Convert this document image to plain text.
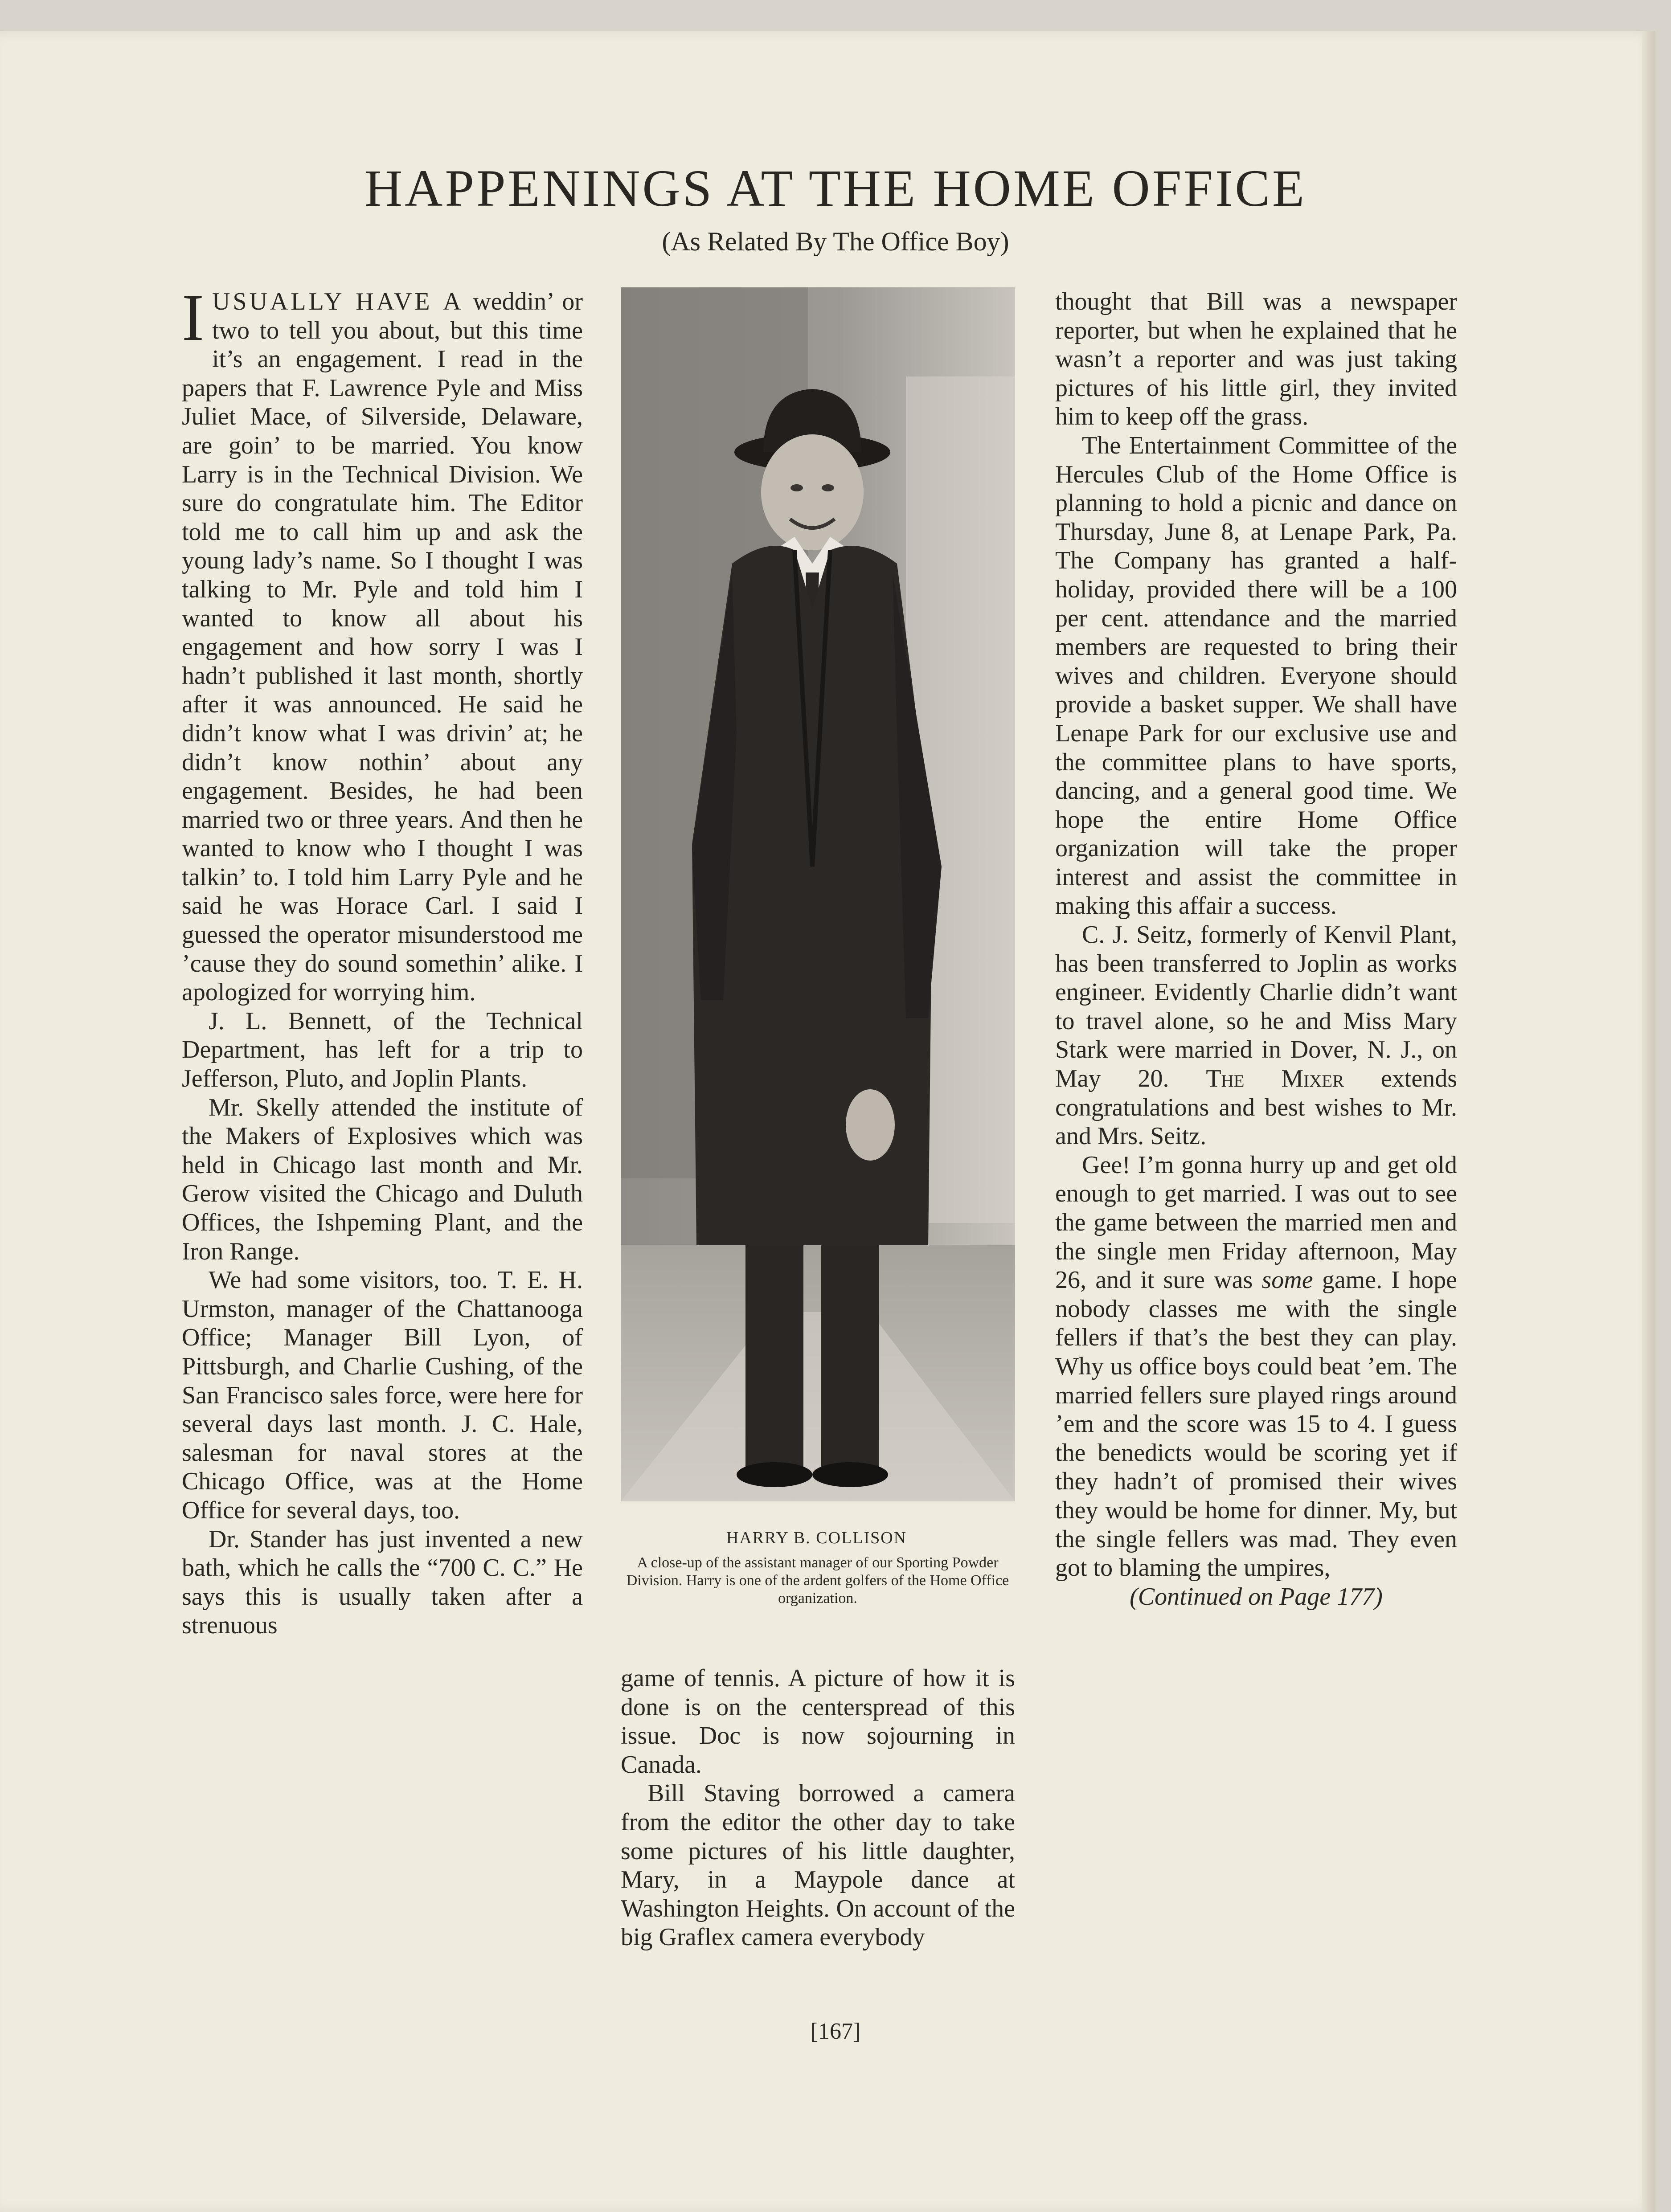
HAPPENINGS AT THE HOME OFFICE
(As Related By The Office Boy)

IUSUALLY HAVE A weddin’ or two to tell you about, but this time it’s an engagement. I read in the papers that F. Lawrence Pyle and Miss Juliet Mace, of Silverside, Delaware, are goin’ to be married. You know Larry is in the Technical Division. We sure do congratulate him. The Editor told me to call him up and ask the young lady’s name. So I thought I was talking to Mr. Pyle and told him I wanted to know all about his engagement and how sorry I was I hadn’t published it last month, shortly after it was announced. He said he didn’t know what I was drivin’ at; he didn’t know nothin’ about any engagement. Besides, he had been married two or three years. And then he wanted to know who I thought I was talkin’ to. I told him Larry Pyle and he said he was Horace Carl. I said I guessed the operator misunderstood me ’cause they do sound somethin’ alike. I apologized for worrying him.

J. L. Bennett, of the Technical Department, has left for a trip to Jefferson, Pluto, and Joplin Plants.

Mr. Skelly attended the institute of the Makers of Explosives which was held in Chicago last month and Mr. Gerow visited the Chicago and Duluth Offices, the Ishpeming Plant, and the Iron Range.

We had some visitors, too. T. E. H. Urmston, manager of the Chattanooga Office; Manager Bill Lyon, of Pittsburgh, and Charlie Cushing, of the San Francisco sales force, were here for several days last month. J. C. Hale, salesman for naval stores at the Chicago Office, was at the Home Office for several days, too.

Dr. Stander has just invented a new bath, which he calls the “700 C. C.” He says this is usually taken after a strenuous

HARRY B. COLLISON
A close-up of the assistant manager of our Sporting Powder Division. Harry is one of the ardent golfers of the Home Office organization.

game of tennis. A picture of how it is done is on the centerspread of this issue. Doc is now sojourning in Canada.

Bill Staving borrowed a camera from the editor the other day to take some pictures of his little daughter, Mary, in a Maypole dance at Washington Heights. On account of the big Graflex camera everybody

thought that Bill was a newspaper reporter, but when he explained that he wasn’t a reporter and was just taking pictures of his little girl, they invited him to keep off the grass.

The Entertainment Committee of the Hercules Club of the Home Office is planning to hold a picnic and dance on Thursday, June 8, at Lenape Park, Pa. The Company has granted a half-holiday, provided there will be a 100 per cent. attendance and the married members are requested to bring their wives and children. Everyone should provide a basket supper. We shall have Lenape Park for our exclusive use and the committee plans to have sports, dancing, and a general good time. We hope the entire Home Office organization will take the proper interest and assist the committee in making this affair a success.

C. J. Seitz, formerly of Kenvil Plant, has been transferred to Joplin as works engineer. Evidently Charlie didn’t want to travel alone, so he and Miss Mary Stark were married in Dover, N. J., on May 20. The Mixer extends congratulations and best wishes to Mr. and Mrs. Seitz.

Gee! I’m gonna hurry up and get old enough to get married. I was out to see the game between the married men and the single men Friday afternoon, May 26, and it sure was some game. I hope nobody classes me with the single fellers if that’s the best they can play. Why us office boys could beat ’em. The married fellers sure played rings around ’em and the score was 15 to 4. I guess the benedicts would be scoring yet if they hadn’t of promised their wives they would be home for dinner. My, but the single fellers was mad. They even got to blaming the umpires,

(Continued on Page 177)

[167]
